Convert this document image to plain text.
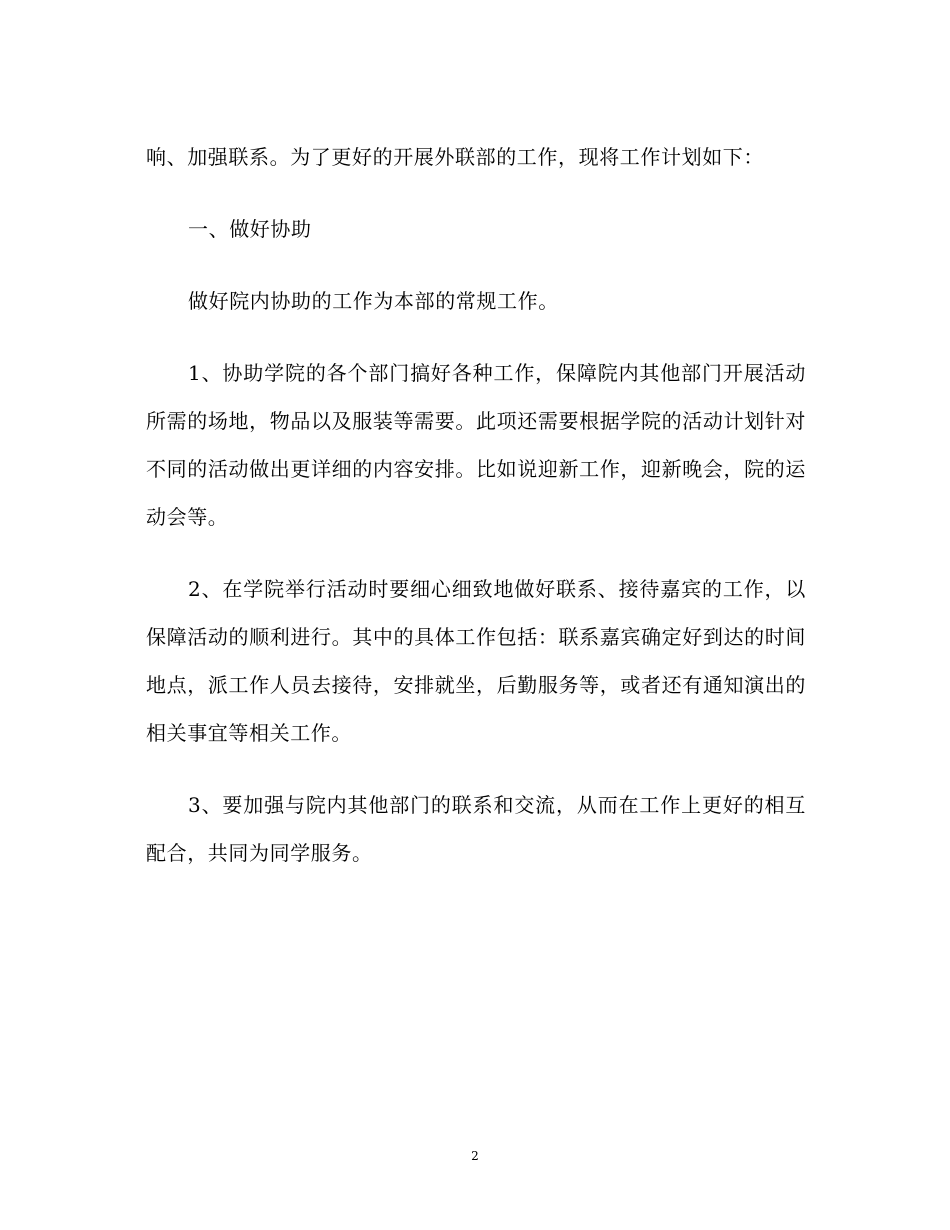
响、加强联系。为了更好的开展外联部的工作，现将工作计划如下：

一、做好协助

做好院内协助的工作为本部的常规工作。

1、协助学院的各个部门搞好各种工作，保障院内其他部门开展活动所需的场地，物品以及服装等需要。此项还需要根据学院的活动计划针对不同的活动做出更详细的内容安排。比如说迎新工作，迎新晚会，院的运动会等。

2、在学院举行活动时要细心细致地做好联系、接待嘉宾的工作，以保障活动的顺利进行。其中的具体工作包括：联系嘉宾确定好到达的时间地点，派工作人员去接待，安排就坐，后勤服务等，或者还有通知演出的相关事宜等相关工作。

3、要加强与院内其他部门的联系和交流，从而在工作上更好的相互配合，共同为同学服务。

2
